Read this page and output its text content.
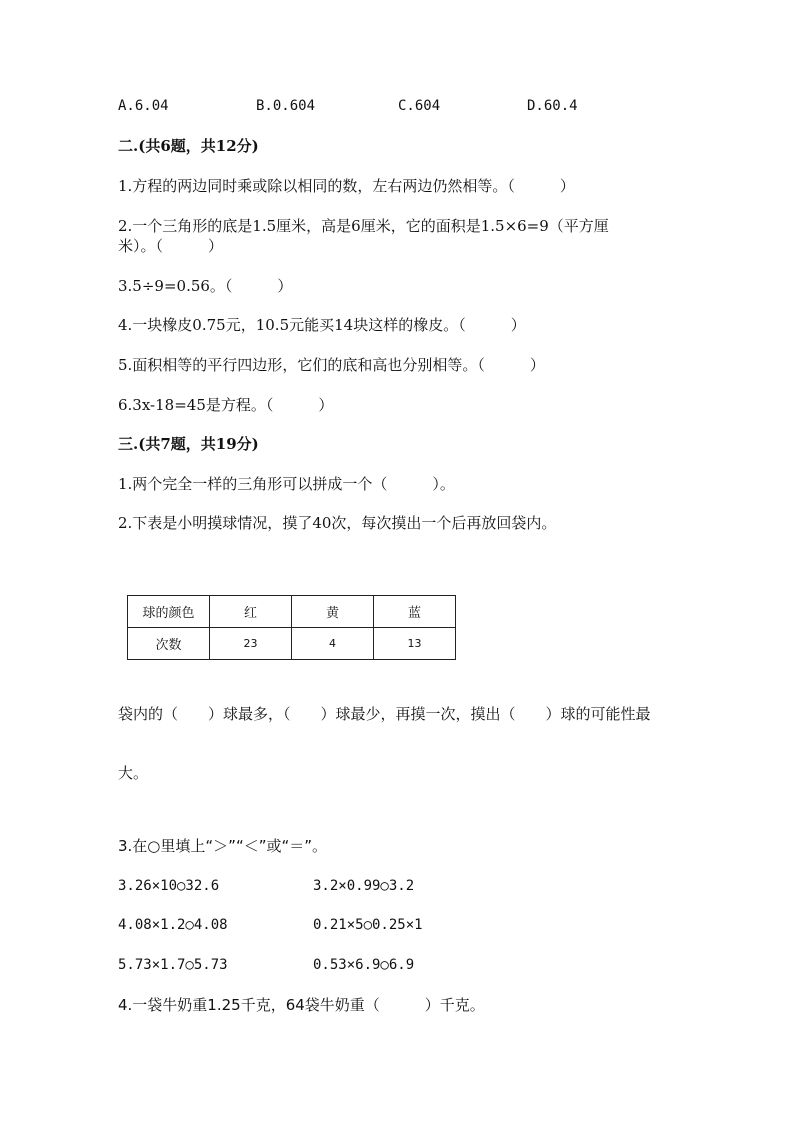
A.6.04	B.0.604	C.604	D.60.4
二.(共6题，共12分)
1.方程的两边同时乘或除以相同的数，左右两边仍然相等。（　　　）
2.一个三角形的底是1.5厘米，高是6厘米，它的面积是1.5×6=9（平方厘
米）。（　　　）
3.5÷9=0.56。（　　　）
4.一块橡皮0.75元，10.5元能买14块这样的橡皮。（　　　）
5.面积相等的平行四边形，它们的底和高也分别相等。（　　　）
6.3x-18=45是方程。（　　　）
三.(共7题，共19分)
1.两个完全一样的三角形可以拼成一个（　　　）。
2.下表是小明摸球情况，摸了40次，每次摸出一个后再放回袋内。
球的颜色	红	黄	蓝
次数	23	4	13
袋内的（　　）球最多，（　　）球最少，再摸一次，摸出（　　）球的可能性最
大。
3.在○里填上“＞”“＜”或“＝”。
3.26×10○32.6	3.2×0.99○3.2
4.08×1.2○4.08	0.21×5○0.25×1
5.73×1.7○5.73	0.53×6.9○6.9
4.一袋牛奶重1.25千克，64袋牛奶重（　　　）千克。
